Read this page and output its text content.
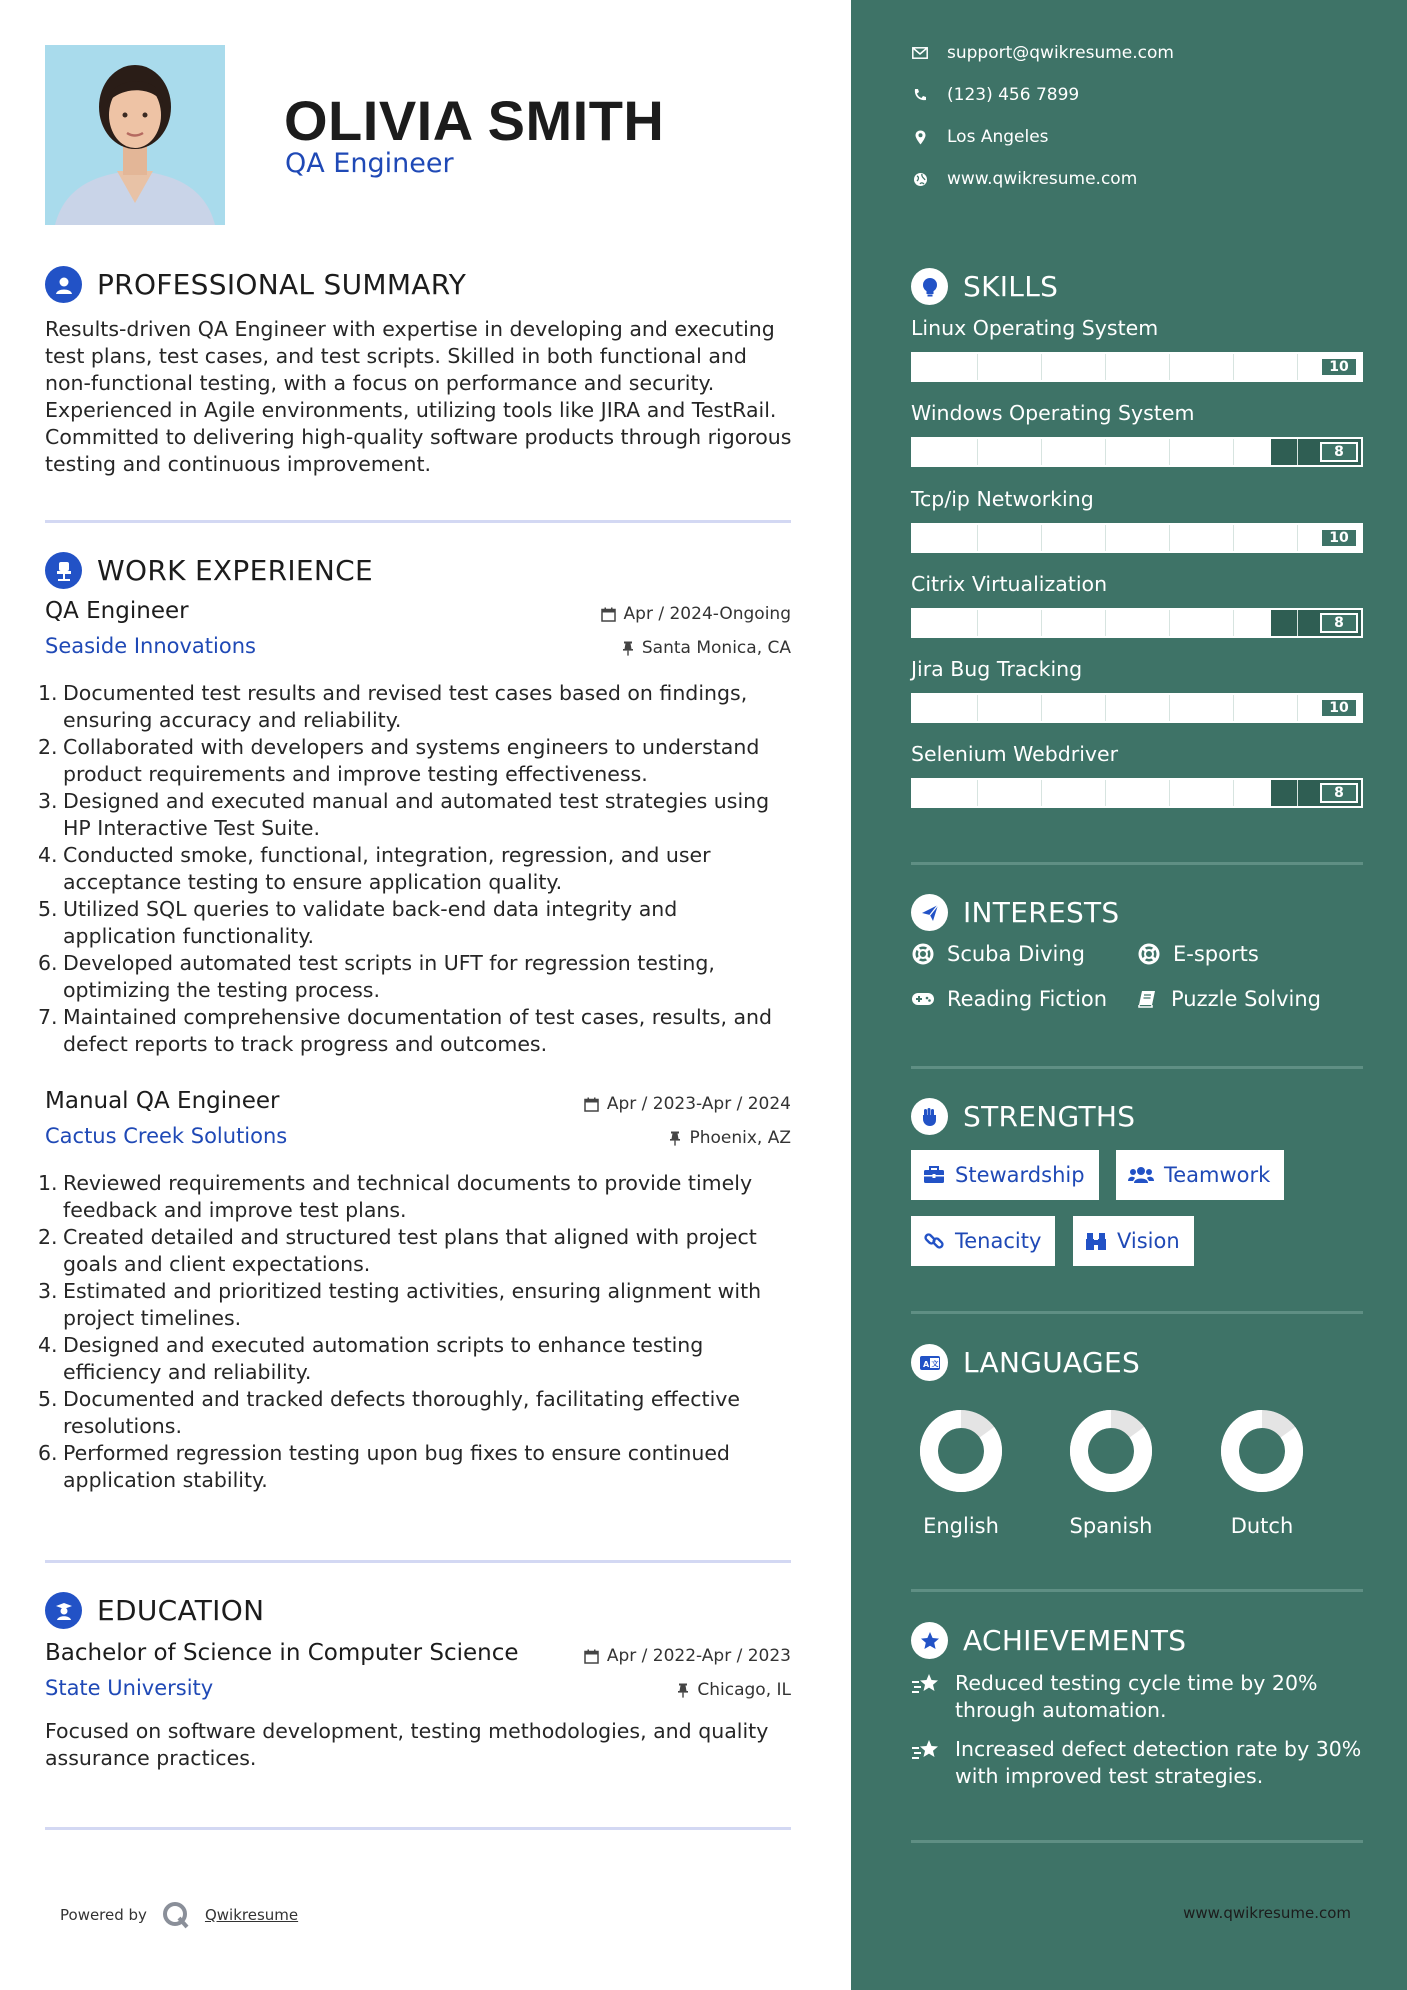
OLIVIA SMITH
QA Engineer
PROFESSIONAL SUMMARY
Results-driven QA Engineer with expertise in developing and executing test plans, test cases, and test scripts. Skilled in both functional and non-functional testing, with a focus on performance and security. Experienced in Agile environments, utilizing tools like JIRA and TestRail. Committed to delivering high-quality software products through rigorous testing and continuous improvement.
WORK EXPERIENCE
QA Engineer	Apr / 2024-Ongoing
Seaside Innovations	Santa Monica, CA
1. Documented test results and revised test cases based on findings, ensuring accuracy and reliability.
2. Collaborated with developers and systems engineers to understand product requirements and improve testing effectiveness.
3. Designed and executed manual and automated test strategies using HP Interactive Test Suite.
4. Conducted smoke, functional, integration, regression, and user acceptance testing to ensure application quality.
5. Utilized SQL queries to validate back-end data integrity and application functionality.
6. Developed automated test scripts in UFT for regression testing, optimizing the testing process.
7. Maintained comprehensive documentation of test cases, results, and defect reports to track progress and outcomes.
Manual QA Engineer	Apr / 2023-Apr / 2024
Cactus Creek Solutions	Phoenix, AZ
1. Reviewed requirements and technical documents to provide timely feedback and improve test plans.
2. Created detailed and structured test plans that aligned with project goals and client expectations.
3. Estimated and prioritized testing activities, ensuring alignment with project timelines.
4. Designed and executed automation scripts to enhance testing efficiency and reliability.
5. Documented and tracked defects thoroughly, facilitating effective resolutions.
6. Performed regression testing upon bug fixes to ensure continued application stability.
EDUCATION
Bachelor of Science in Computer Science	Apr / 2022-Apr / 2023
State University	Chicago, IL
Focused on software development, testing methodologies, and quality assurance practices.
Powered by	Qwikresume
support@qwikresume.com
(123) 456 7899
Los Angeles
www.qwikresume.com
SKILLS
Linux Operating System
10
Windows Operating System
8
Tcp/ip Networking
10
Citrix Virtualization
8
Jira Bug Tracking
10
Selenium Webdriver
8
INTERESTS
Scuba Diving	E-sports
Reading Fiction	Puzzle Solving
STRENGTHS
Stewardship	Teamwork
Tenacity	Vision
A 文 LANGUAGES
English	Spanish	Dutch
ACHIEVEMENTS
Reduced testing cycle time by 20% through automation.
Increased defect detection rate by 30% with improved test strategies.
www.qwikresume.com
